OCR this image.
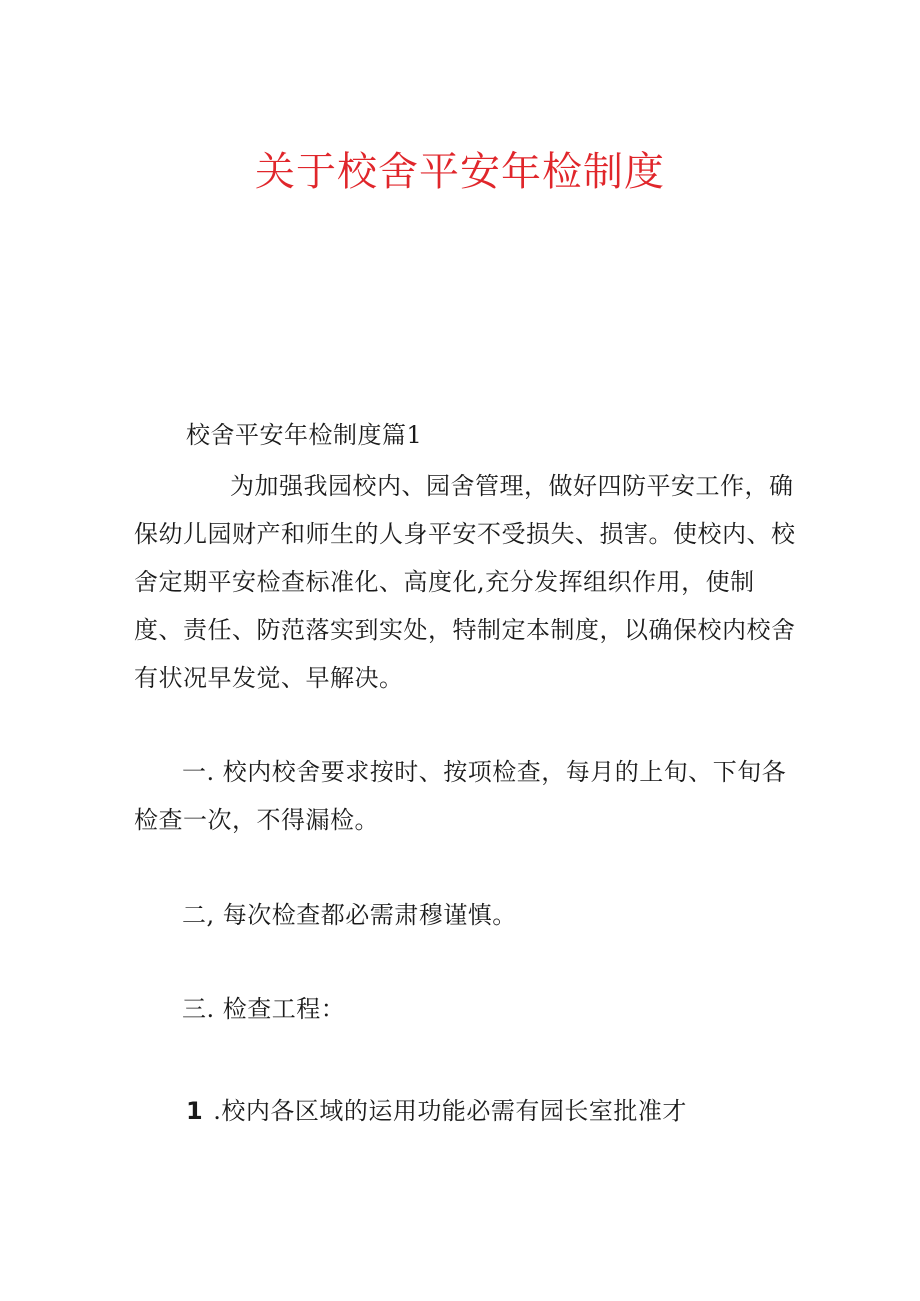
关于校舍平安年检制度
校舍平安年检制度篇1
为加强我园校内、园舍管理，做好四防平安工作，确保幼儿园财产和师生的人身平安不受损失、损害。使校内、校舍定期平安检查标准化、高度化,充分发挥组织作用，使制度、责任、防范落实到实处，特制定本制度，以确保校内校舍有状况早发觉、早解决。
一. 校内校舍要求按时、按项检查，每月的上旬、下旬各检查一次，不得漏检。
二, 每次检查都必需肃穆谨慎。
三. 检查工程：
1 .校内各区域的运用功能必需有园长室批准才
